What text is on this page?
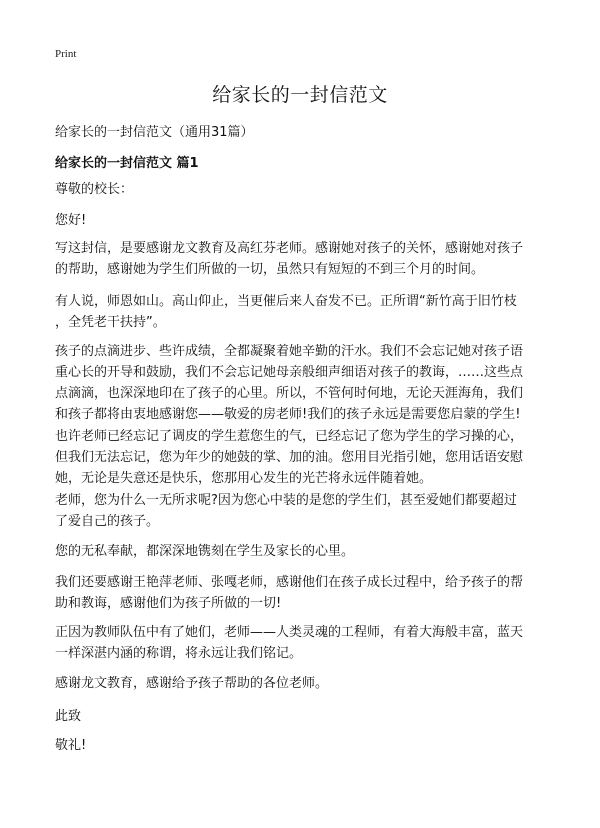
Print
给家长的一封信范文
给家长的一封信范文（通用31篇）
给家长的一封信范文 篇1
尊敬的校长：
您好!
写这封信，是要感谢龙文教育及高红芬老师。感谢她对孩子的关怀，感谢她对孩子
的帮助，感谢她为学生们所做的一切，虽然只有短短的不到三个月的时间。
有人说，师恩如山。高山仰止，当更催后来人奋发不已。正所谓“新竹高于旧竹枝
，全凭老干扶持”。
孩子的点滴进步、些许成绩，全都凝聚着她辛勤的汗水。我们不会忘记她对孩子语
重心长的开导和鼓励，我们不会忘记她母亲般细声细语对孩子的教诲，……这些点
点滴滴，也深深地印在了孩子的心里。所以，不管何时何地，无论天涯海角，我们
和孩子都将由衷地感谢您——敬爱的房老师!我们的孩子永远是需要您启蒙的学生!
也许老师已经忘记了调皮的学生惹您生的气，已经忘记了您为学生的学习操的心，
但我们无法忘记，您为年少的她鼓的掌、加的油。您用目光指引她，您用话语安慰
她，无论是失意还是快乐，您那用心发生的光芒将永远伴随着她。
老师，您为什么一无所求呢?因为您心中装的是您的学生们，甚至爱她们都要超过
了爱自己的孩子。
您的无私奉献，都深深地镌刻在学生及家长的心里。
我们还要感谢王艳萍老师、张嘎老师，感谢他们在孩子成长过程中，给予孩子的帮
助和教诲，感谢他们为孩子所做的一切!
正因为教师队伍中有了她们，老师——人类灵魂的工程师，有着大海般丰富，蓝天
一样深湛内涵的称谓，将永远让我们铭记。
感谢龙文教育，感谢给予孩子帮助的各位老师。
此致
敬礼!
